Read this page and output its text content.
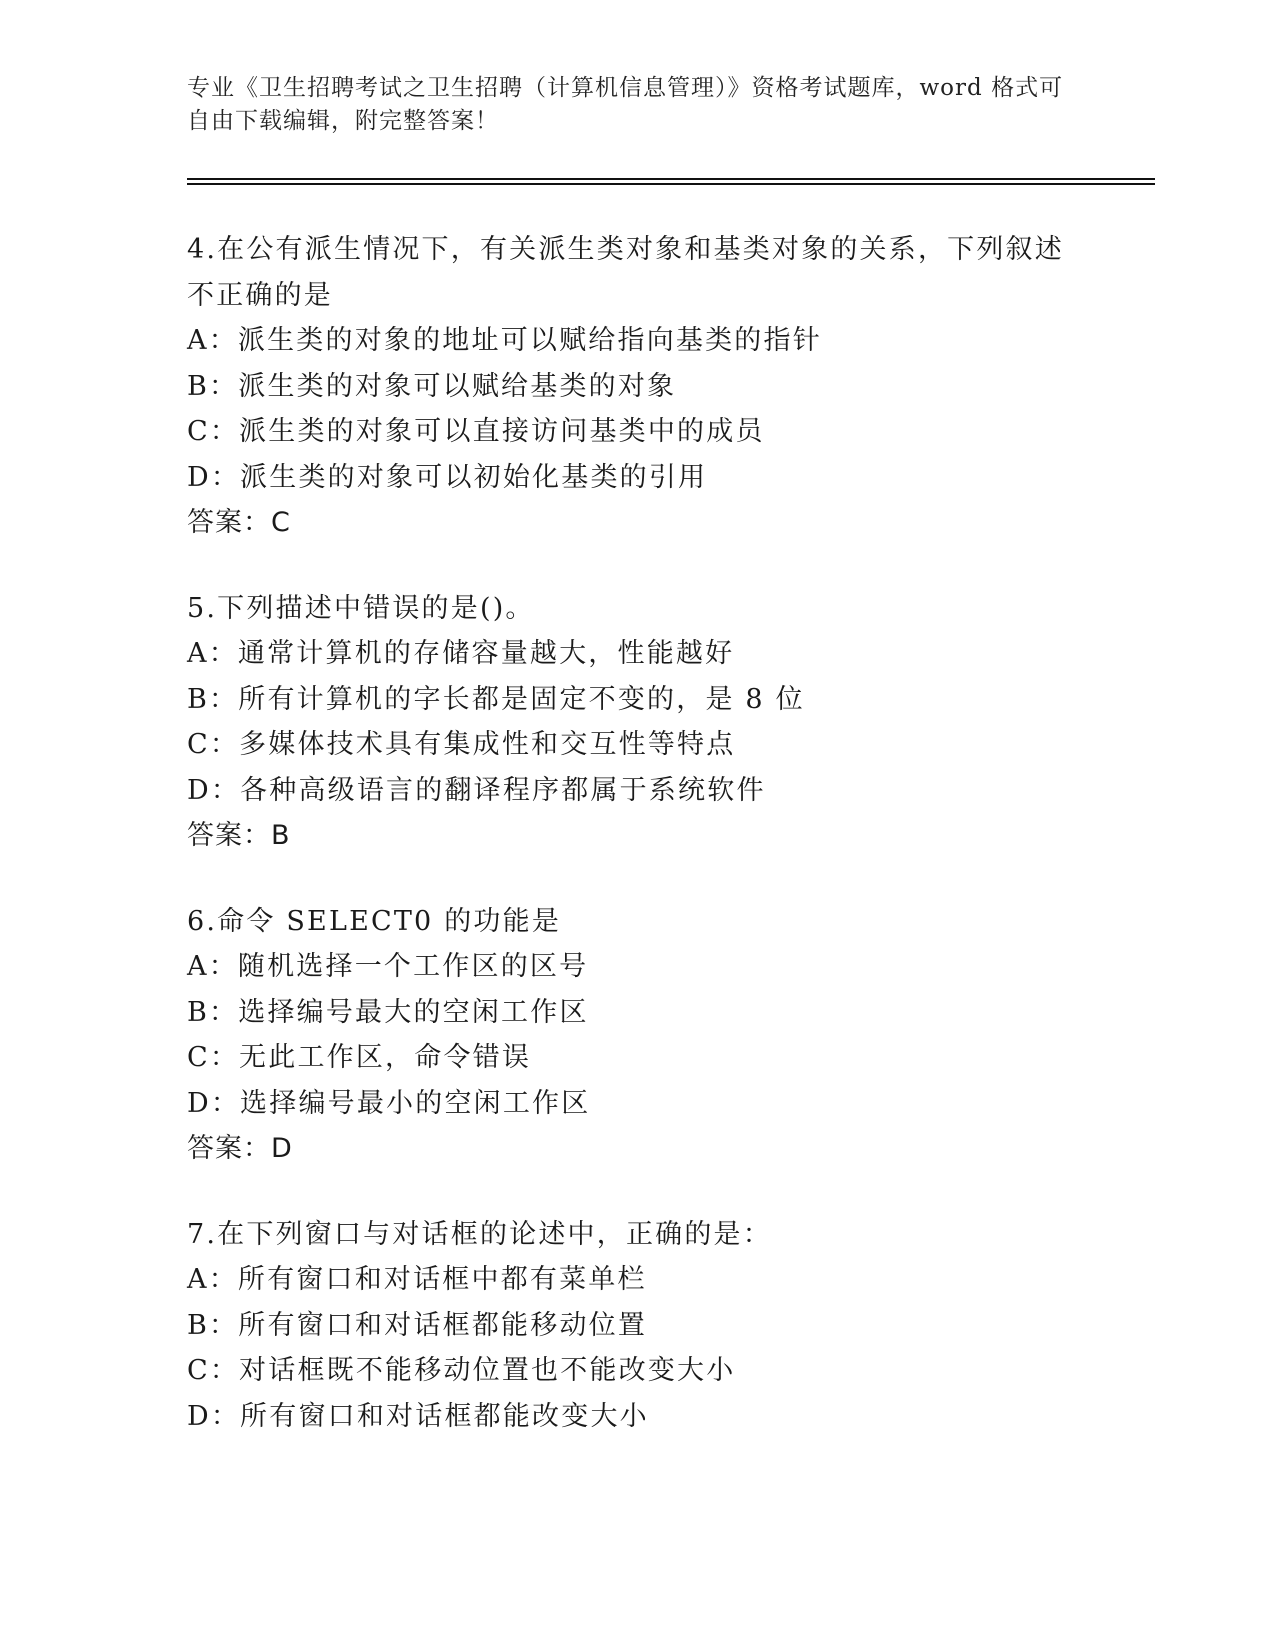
专业《卫生招聘考试之卫生招聘（计算机信息管理）》资格考试题库，word 格式可自由下载编辑，附完整答案！
4.在公有派生情况下，有关派生类对象和基类对象的关系，下列叙述不正确的是
A：派生类的对象的地址可以赋给指向基类的指针
B：派生类的对象可以赋给基类的对象
C：派生类的对象可以直接访问基类中的成员
D：派生类的对象可以初始化基类的引用
答案：C
5.下列描述中错误的是()。
A：通常计算机的存储容量越大，性能越好
B：所有计算机的字长都是固定不变的，是 8 位
C：多媒体技术具有集成性和交互性等特点
D：各种高级语言的翻译程序都属于系统软件
答案：B
6.命令 SELECT0 的功能是
A：随机选择一个工作区的区号
B：选择编号最大的空闲工作区
C：无此工作区，命令错误
D：选择编号最小的空闲工作区
答案：D
7.在下列窗口与对话框的论述中，正确的是：
A：所有窗口和对话框中都有菜单栏
B：所有窗口和对话框都能移动位置
C：对话框既不能移动位置也不能改变大小
D：所有窗口和对话框都能改变大小
